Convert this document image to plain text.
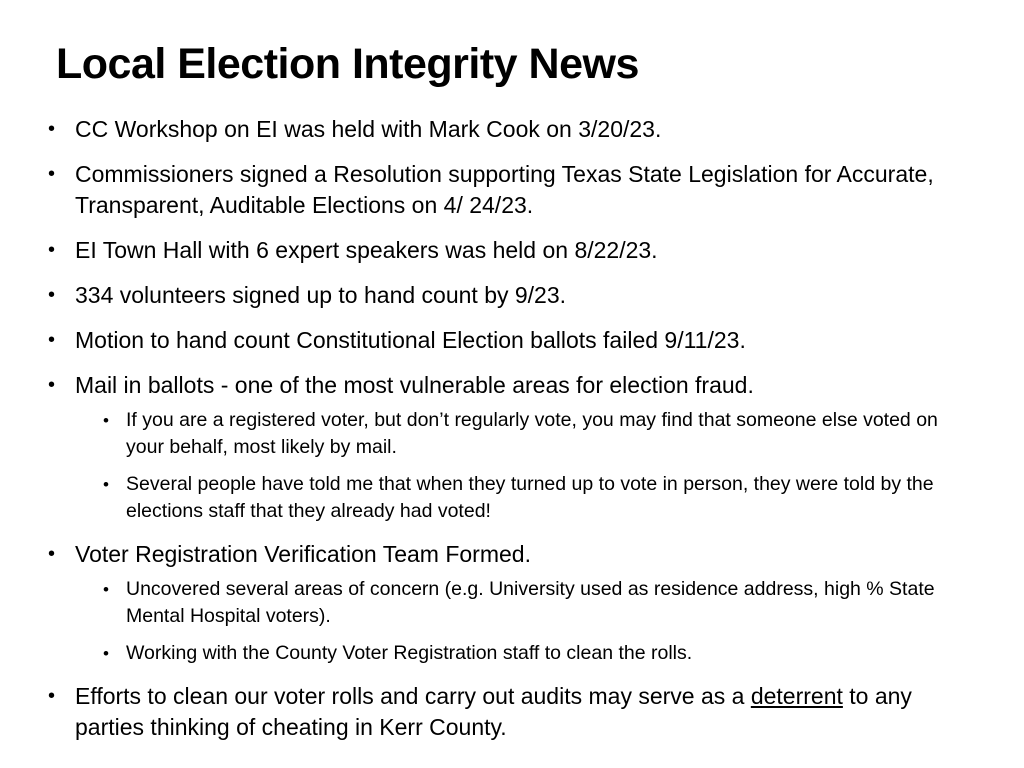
Local Election Integrity News
• CC Workshop on EI was held with Mark Cook on 3/20/23.
• Commissioners signed a Resolution supporting Texas State Legislation for Accurate, Transparent, Auditable Elections on 4/ 24/23.
• EI Town Hall with 6 expert speakers was held on 8/22/23.
• 334 volunteers signed up to hand count by 9/23.
• Motion to hand count Constitutional Election ballots failed 9/11/23.
• Mail in ballots - one of the most vulnerable areas for election fraud.
• If you are a registered voter, but don’t regularly vote, you may find that someone else voted on your behalf, most likely by mail.
• Several people have told me that when they turned up to vote in person, they were told by the elections staff that they already had voted!
• Voter Registration Verification Team Formed.
• Uncovered several areas of concern (e.g. University used as residence address, high % State Mental Hospital voters).
• Working with the County Voter Registration staff to clean the rolls.
• Efforts to clean our voter rolls and carry out audits may serve as a deterrent to any parties thinking of cheating in Kerr County.
